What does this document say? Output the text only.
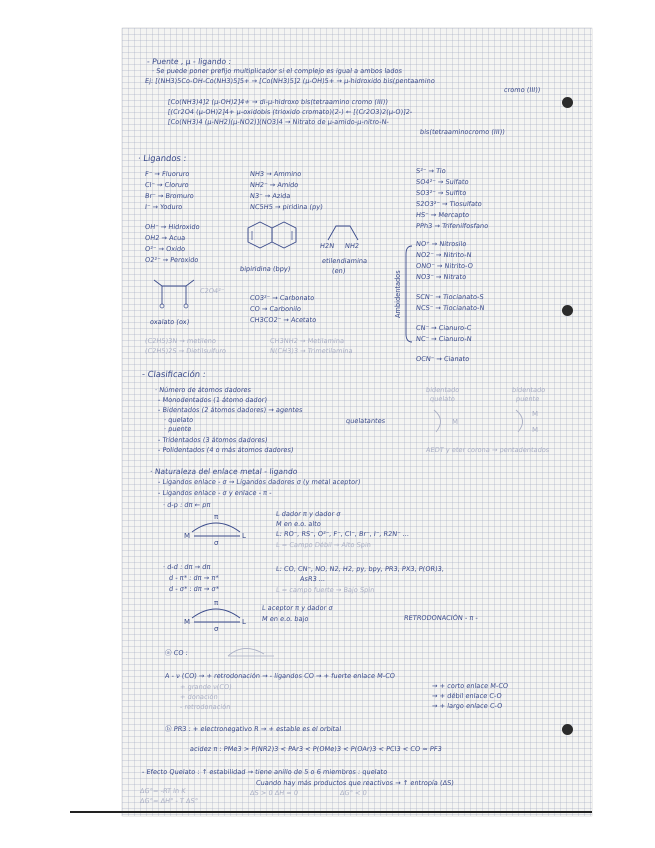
- Puente , μ - ligando :
· Se puede poner prefijo multiplicador si el complejo es igual a ambos lados
Ej: [(NH3)5Co-OH-Co(NH3)5]5+ → [Co(NH3)5]2 (μ-OH)5+ → μ-hidroxido bis(pentaamino
cromo (III))
[Co(NH3)4]2 (μ-OH)2]4+ → di-μ-hidroxo bis(tetraamino cromo (III))
[(Cr2O4 (μ-OH)2]4+ μ-oxidobis (trioxido cromato)(2-) ← [(Cr2O3)2(μ-O)]2-
[Co(NH3)4 (μ-NH2)(μ-NO2)](NO3)4 → Nitrato de μ-amido-μ-nitro-N-
bis(tetraaminocromo (III))
· Ligandos :
F⁻ → Fluoruro
Cl⁻ → Cloruro
Br⁻ → Bromuro
I⁻ → Yoduro
NH3 → Ammino
NH2⁻ → Amido
N3⁻ → Azida
NC5H5 → piridina (py)
S²⁻ → Tio
SO4²⁻ → Sulfato
SO3²⁻ → Sulfito
S2O3²⁻ → Tiosulfato
HS⁻ → Mercapto
PPh3 → Trifenilfosfano
OH⁻ → Hidroxido
OH2 → Acua
O²⁻ → Oxido
O2²⁻ → Peroxido
bipiridina (bpy)
H2N NH2
etilendiamina
(en)
NO⁺ → Nitrosilo
NO2⁻ → Nitrito-N
ONO⁻ → Nitrito-O
NO3⁻ → Nitrato
C2O4²⁻
oxalato (ox)
CO3²⁻ → Carbonato
CO → Carbonilo
CH3CO2⁻ → Acetato
Ambidentados SCN⁻ → Tiocianato-S
NCS⁻ → Tiocianato-N
CN⁻ → Cianuro-C
NC⁻ → Cianuro-N
(C2H5)3N → metileno
(C2H5)2S → Dietilsulfuro
CH3NH2 → Metilamina
N(CH3)3 → Trimetilamina
OCN⁻ → Cianato
- Clasificación :
· Número de átomos dadores
- Monodentados (1 átomo dador)
- Bidentados (2 átomos dadores) → agentes
· quelato
· puente
- Tridentados (3 átomos dadores)
- Polidentados (4 o más átomos dadores)
quelatantes
bidentado
quelato
M
bidentado
puente
M
M
AEDT y eter corona → pentadentados
· Naturaleza del enlace metal - ligando
- Ligandos enlace - σ → Ligandos dadores σ (y metal aceptor)
- Ligandos enlace - σ y enlace - π -
· d-p : dπ ← pπ
π
M	L
σ
L dador π y dador σ
M en e.o. alto
L: RO⁻, RS⁻, O²⁻, F⁻, Cl⁻, Br⁻, I⁻, R2N⁻ ...
L = Campo Débil → Alto Spin
· d-d : dπ → dπ
d - π* : dπ → π*
d - σ* : dπ → σ*
L: CO, CN⁻, NO, N2, H2, py, bpy, PR3, PX3, P(OR)3,
AsR3 ...
L = campo fuerte → Bajo Spin
π
M	L
σ
L aceptor π y dador σ
M en e.o. bajo	RETRODONACIÓN - π -
ⓐ CO :
A - ν (CO) → + retrodonación → - ligandos CO → + fuerte enlace M-CO
→ + corto enlace M-CO
→ + débil enlace C-O
→ + largo enlace C-O
+ grande ν(CO)
+ donación
- retrodonación
ⓑ PR3 : + electronegativo R → + estable es el orbital
acidez π : PMe3 > P(NR2)3 < PAr3 < P(OMe)3 < P(OAr)3 < PCl3 < CO ≈ PF3
- Efecto Quelato : ↑ estabilidad → tiene anillo de 5 o 6 miembros : quelato
Cuando hay más productos que reactivos → ↑ entropía (ΔS)
ΔS > 0 ΔH ≈ 0	ΔG° < 0
ΔG°= -RT ln K
ΔG°= ΔH° - T ΔS°
